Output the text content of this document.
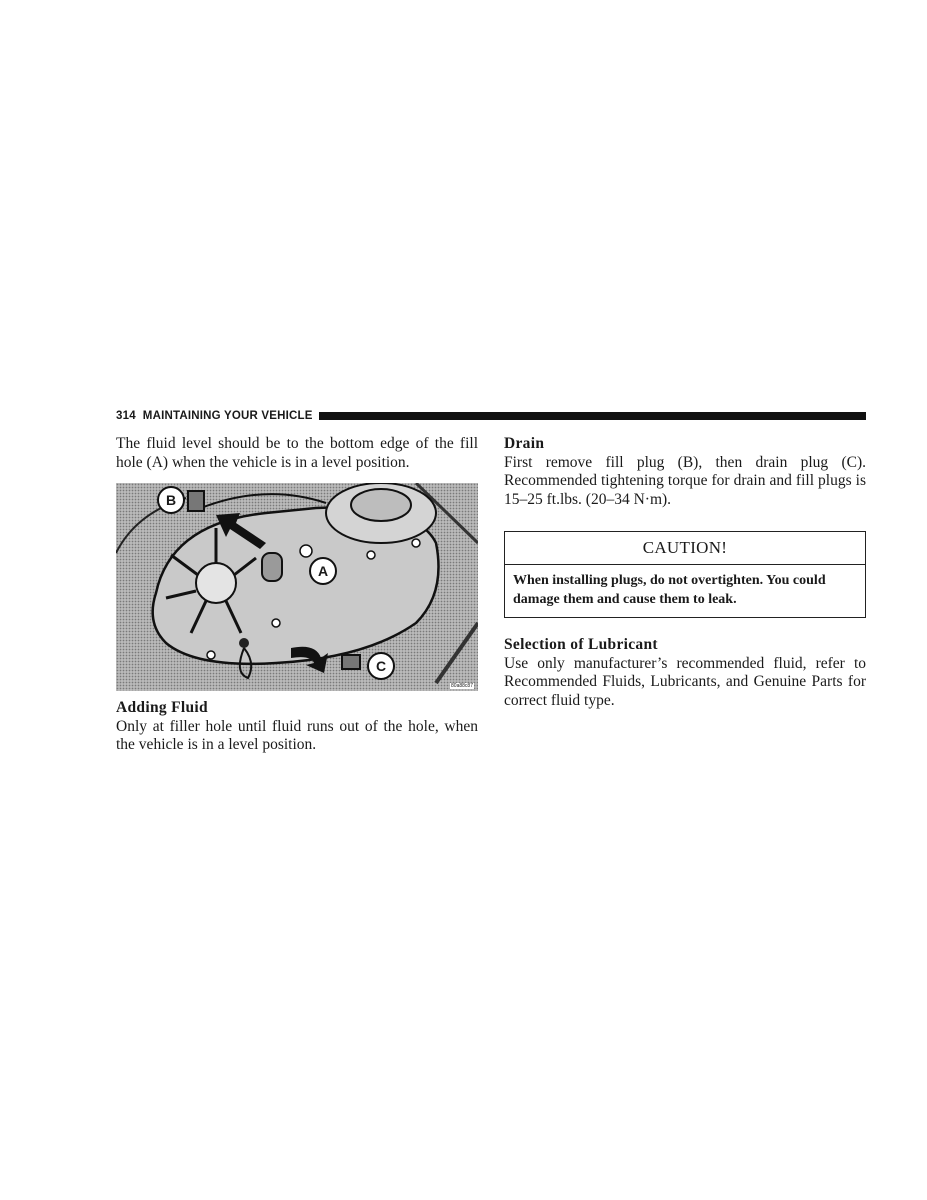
314 MAINTAINING YOUR VEHICLE

The fluid level should be to the bottom edge of the fill hole (A) when the vehicle is in a level position.

B
A
C
80a88c87
Adding Fluid

Only at filler hole until fluid runs out of the hole, when the vehicle is in a level position.

Drain

First remove fill plug (B), then drain plug (C). Recommended tightening torque for drain and fill plugs is 15–25 ft.lbs. (20–34 N·m).

CAUTION!
When installing plugs, do not overtighten. You could damage them and cause them to leak.
Selection of Lubricant

Use only manufacturer’s recommended fluid, refer to Recommended Fluids, Lubricants, and Genuine Parts for correct fluid type.
